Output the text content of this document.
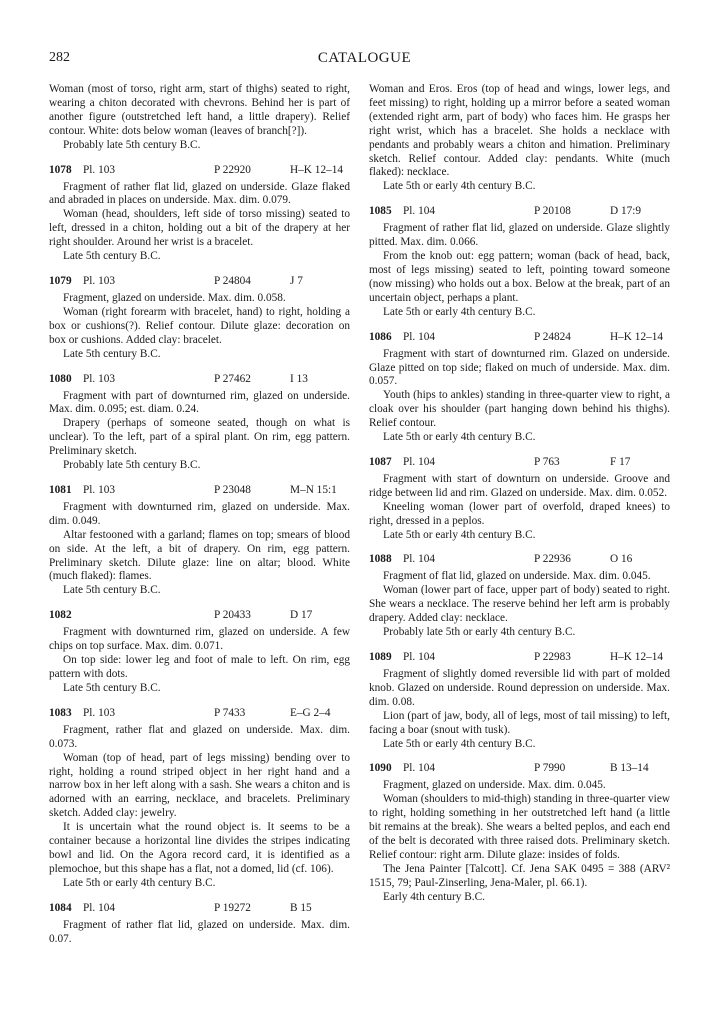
282	CATALOGUE

Woman (most of torso, right arm, start of thighs) seated to right, wearing a chiton decorated with chevrons. Behind her is part of another figure (outstretched left hand, a little drapery). Relief contour. White: dots below woman (leaves of branch[?]).

Probably late 5th century B.C.

1078	Pl. 103	P 22920	H–K 12–14

Fragment of rather flat lid, glazed on underside. Glaze flaked and abraded in places on underside. Max. dim. 0.079.

Woman (head, shoulders, left side of torso missing) seated to left, dressed in a chiton, holding out a bit of the drapery at her right shoulder. Around her wrist is a bracelet.

Late 5th century B.C.

1079	Pl. 103	P 24804	J 7

Fragment, glazed on underside. Max. dim. 0.058.

Woman (right forearm with bracelet, hand) to right, holding a box or cushions(?). Relief contour. Dilute glaze: decoration on box or cushions. Added clay: bracelet.

Late 5th century B.C.

1080	Pl. 103	P 27462	I 13

Fragment with part of downturned rim, glazed on underside. Max. dim. 0.095; est. diam. 0.24.

Drapery (perhaps of someone seated, though on what is unclear). To the left, part of a spiral plant. On rim, egg pattern. Preliminary sketch.

Probably late 5th century B.C.

1081	Pl. 103	P 23048	M–N 15:1

Fragment with downturned rim, glazed on underside. Max. dim. 0.049.

Altar festooned with a garland; flames on top; smears of blood on side. At the left, a bit of drapery. On rim, egg pattern. Preliminary sketch. Dilute glaze: line on altar; blood. White (much flaked): flames.

Late 5th century B.C.

1082	P 20433	D 17

Fragment with downturned rim, glazed on underside. A few chips on top surface. Max. dim. 0.071.

On top side: lower leg and foot of male to left. On rim, egg pattern with dots.

Late 5th century B.C.

1083	Pl. 103	P 7433	E–G 2–4

Fragment, rather flat and glazed on underside. Max. dim. 0.073.

Woman (top of head, part of legs missing) bending over to right, holding a round striped object in her right hand and a narrow box in her left along with a sash. She wears a chiton and is adorned with an earring, necklace, and bracelets. Preliminary sketch. Added clay: jewelry.

It is uncertain what the round object is. It seems to be a container because a horizontal line divides the stripes indicating bowl and lid. On the Agora record card, it is identified as a plemochoe, but this shape has a flat, not a domed, lid (cf. 106).

Late 5th or early 4th century B.C.

1084	Pl. 104	P 19272	B 15

Fragment of rather flat lid, glazed on underside. Max. dim. 0.07.

Woman and Eros. Eros (top of head and wings, lower legs, and feet missing) to right, holding up a mirror before a seated woman (extended right arm, part of body) who faces him. He grasps her right wrist, which has a bracelet. She holds a necklace with pendants and probably wears a chiton and himation. Preliminary sketch. Relief contour. Added clay: pendants. White (much flaked): necklace.

Late 5th or early 4th century B.C.

1085	Pl. 104	P 20108	D 17:9

Fragment of rather flat lid, glazed on underside. Glaze slightly pitted. Max. dim. 0.066.

From the knob out: egg pattern; woman (back of head, back, most of legs missing) seated to left, pointing toward someone (now missing) who holds out a box. Below at the break, part of an uncertain object, perhaps a plant.

Late 5th or early 4th century B.C.

1086	Pl. 104	P 24824	H–K 12–14

Fragment with start of downturned rim. Glazed on underside. Glaze pitted on top side; flaked on much of underside. Max. dim. 0.057.

Youth (hips to ankles) standing in three-quarter view to right, a cloak over his shoulder (part hanging down behind his thighs). Relief contour.

Late 5th or early 4th century B.C.

1087	Pl. 104	P 763	F 17

Fragment with start of downturn on underside. Groove and ridge between lid and rim. Glazed on underside. Max. dim. 0.052.

Kneeling woman (lower part of overfold, draped knees) to right, dressed in a peplos.

Late 5th or early 4th century B.C.

1088	Pl. 104	P 22936	O 16

Fragment of flat lid, glazed on underside. Max. dim. 0.045.

Woman (lower part of face, upper part of body) seated to right. She wears a necklace. The reserve behind her left arm is probably drapery. Added clay: necklace.

Probably late 5th or early 4th century B.C.

1089	Pl. 104	P 22983	H–K 12–14

Fragment of slightly domed reversible lid with part of molded knob. Glazed on underside. Round depression on underside. Max. dim. 0.08.

Lion (part of jaw, body, all of legs, most of tail missing) to left, facing a boar (snout with tusk).

Late 5th or early 4th century B.C.

1090	Pl. 104	P 7990	B 13–14

Fragment, glazed on underside. Max. dim. 0.045.

Woman (shoulders to mid-thigh) standing in three-quarter view to right, holding something in her outstretched left hand (a little bit remains at the break). She wears a belted peplos, and each end of the belt is decorated with three raised dots. Preliminary sketch. Relief contour: right arm. Dilute glaze: insides of folds.

The Jena Painter [Talcott]. Cf. Jena SAK 0495 = 388 (ARV² 1515, 79; Paul-Zinserling, Jena-Maler, pl. 66.1).

Early 4th century B.C.
